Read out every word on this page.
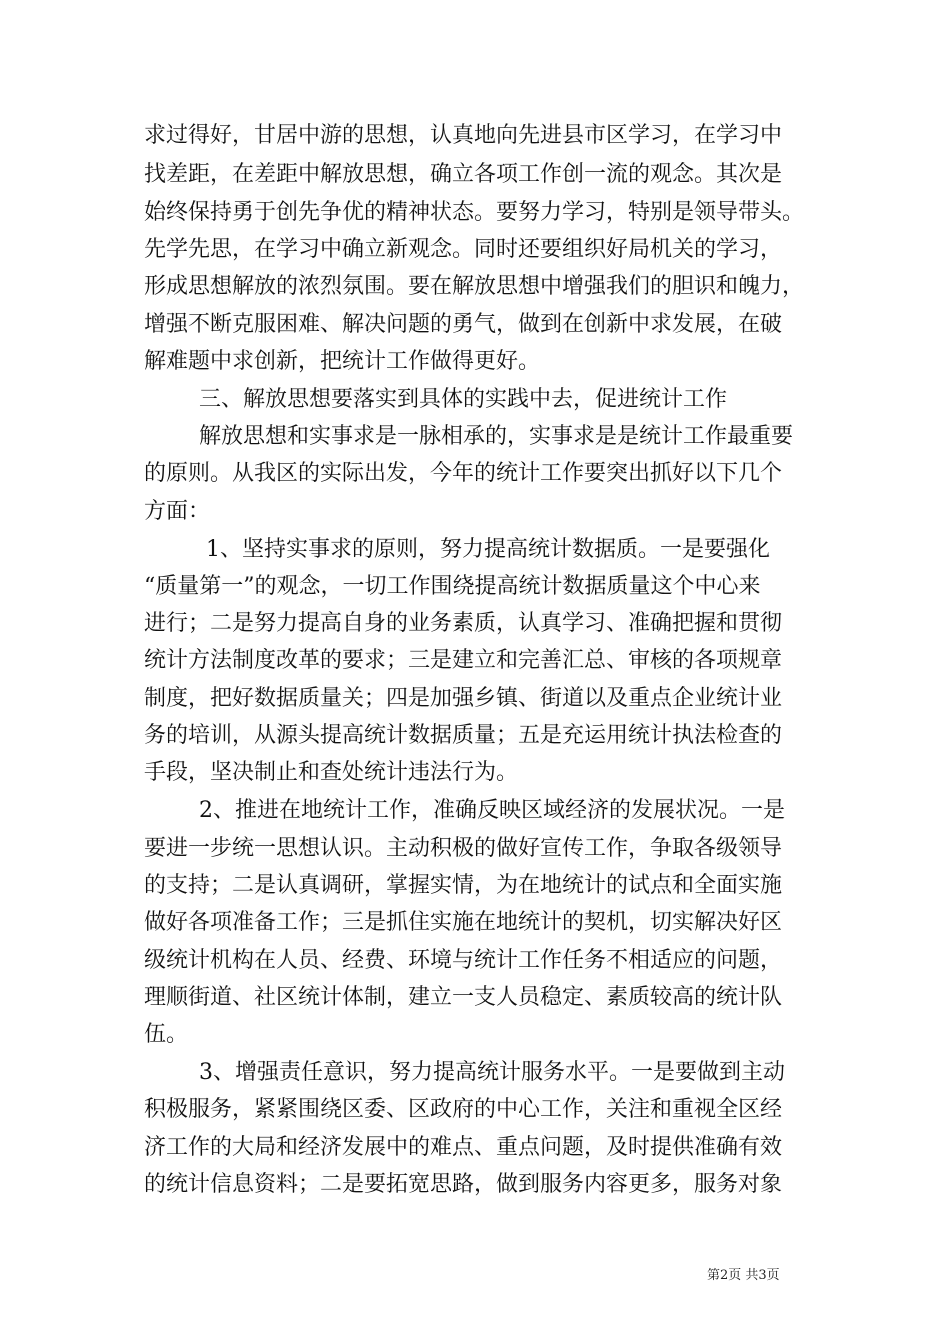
求过得好，甘居中游的思想，认真地向先进县市区学习，在学习中
找差距，在差距中解放思想，确立各项工作创一流的观念。其次是
始终保持勇于创先争优的精神状态。要努力学习，特别是领导带头。
先学先思，在学习中确立新观念。同时还要组织好局机关的学习，
形成思想解放的浓烈氛围。要在解放思想中增强我们的胆识和魄力，
增强不断克服困难、解决问题的勇气，做到在创新中求发展，在破
解难题中求创新，把统计工作做得更好。
三、解放思想要落实到具体的实践中去，促进统计工作
解放思想和实事求是一脉相承的，实事求是是统计工作最重要
的原则。从我区的实际出发，今年的统计工作要突出抓好以下几个
方面：
1、坚持实事求的原则，努力提高统计数据质。一是要强化
“质量第一”的观念，一切工作围绕提高统计数据质量这个中心来
进行；二是努力提高自身的业务素质，认真学习、准确把握和贯彻
统计方法制度改革的要求；三是建立和完善汇总、审核的各项规章
制度，把好数据质量关；四是加强乡镇、街道以及重点企业统计业
务的培训，从源头提高统计数据质量；五是充运用统计执法检查的
手段，坚决制止和查处统计违法行为。
2、推进在地统计工作，准确反映区域经济的发展状况。一是
要进一步统一思想认识。主动积极的做好宣传工作，争取各级领导
的支持；二是认真调研，掌握实情，为在地统计的试点和全面实施
做好各项准备工作；三是抓住实施在地统计的契机，切实解决好区
级统计机构在人员、经费、环境与统计工作任务不相适应的问题，
理顺街道、社区统计体制，建立一支人员稳定、素质较高的统计队
伍。
3、增强责任意识，努力提高统计服务水平。一是要做到主动
积极服务，紧紧围绕区委、区政府的中心工作，关注和重视全区经
济工作的大局和经济发展中的难点、重点问题，及时提供准确有效
的统计信息资料；二是要拓宽思路，做到服务内容更多，服务对象
第2页 共3页
